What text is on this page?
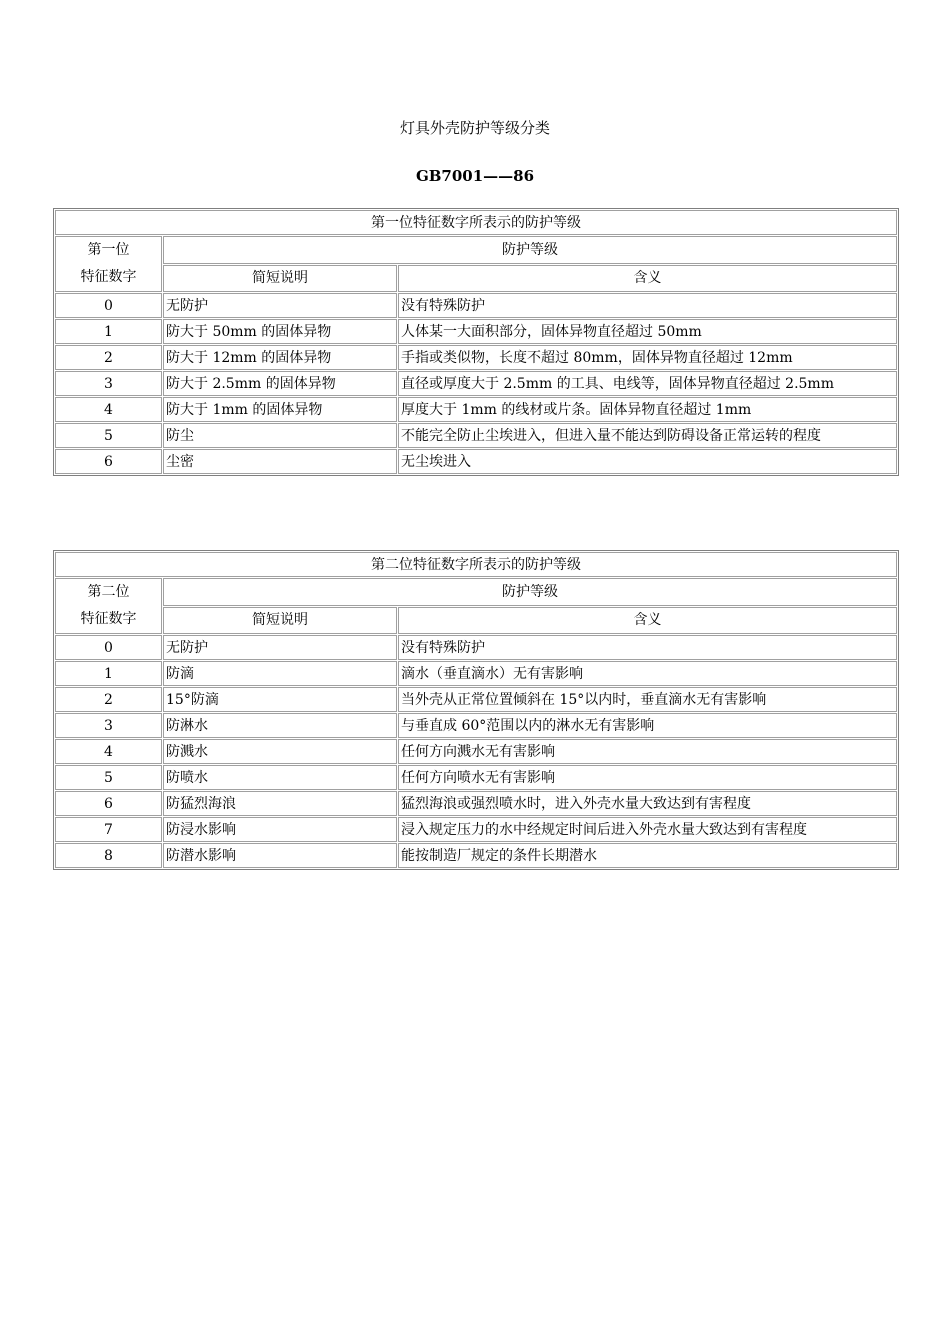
灯具外壳防护等级分类
GB7001——86
第一位特征数字所表示的防护等级		
第一位
特征数字	防护等级	
	简短说明	含义
0	无防护	没有特殊防护
1	防大于 50mm 的固体异物	人体某一大面积部分，固体异物直径超过 50mm
2	防大于 12mm 的固体异物	手指或类似物，长度不超过 80mm，固体异物直径超过 12mm
3	防大于 2.5mm 的固体异物	直径或厚度大于 2.5mm 的工具、电线等，固体异物直径超过 2.5mm
4	防大于 1mm 的固体异物	厚度大于 1mm 的线材或片条。固体异物直径超过 1mm
5	防尘	不能完全防止尘埃进入，但进入量不能达到防碍设备正常运转的程度
6	尘密	无尘埃进入
第二位特征数字所表示的防护等级		
第二位
特征数字	防护等级	
	简短说明	含义
0	无防护	没有特殊防护
1	防滴	滴水（垂直滴水）无有害影响
2	15°防滴	当外壳从正常位置倾斜在 15°以内时，垂直滴水无有害影响
3	防淋水	与垂直成 60°范围以内的淋水无有害影响
4	防溅水	任何方向溅水无有害影响
5	防喷水	任何方向喷水无有害影响
6	防猛烈海浪	猛烈海浪或强烈喷水时，进入外壳水量大致达到有害程度
7	防浸水影响	浸入规定压力的水中经规定时间后进入外壳水量大致达到有害程度
8	防潜水影响	能按制造厂规定的条件长期潜水
